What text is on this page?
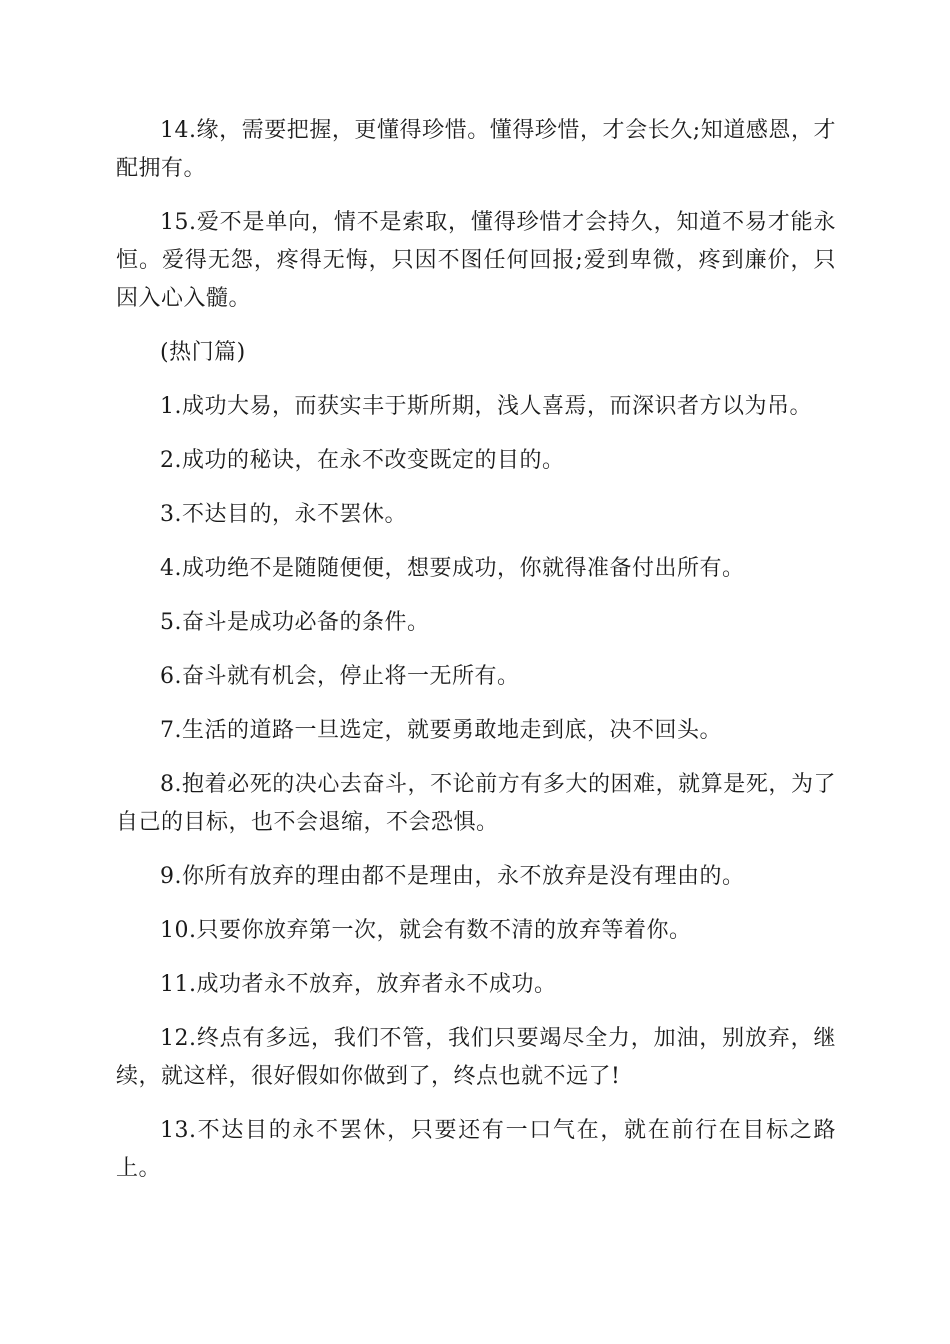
14.缘，需要把握，更懂得珍惜。懂得珍惜，才会长久;知道感恩，才配拥有。

15.爱不是单向，情不是索取，懂得珍惜才会持久，知道不易才能永恒。爱得无怨，疼得无悔，只因不图任何回报;爱到卑微，疼到廉价，只因入心入髓。

(热门篇)

1.成功大易，而获实丰于斯所期，浅人喜焉，而深识者方以为吊。

2.成功的秘诀，在永不改变既定的目的。

3.不达目的，永不罢休。

4.成功绝不是随随便便，想要成功，你就得准备付出所有。

5.奋斗是成功必备的条件。

6.奋斗就有机会，停止将一无所有。

7.生活的道路一旦选定，就要勇敢地走到底，决不回头。

8.抱着必死的决心去奋斗，不论前方有多大的困难，就算是死，为了自己的目标，也不会退缩，不会恐惧。

9.你所有放弃的理由都不是理由，永不放弃是没有理由的。

10.只要你放弃第一次，就会有数不清的放弃等着你。

11.成功者永不放弃，放弃者永不成功。

12.终点有多远，我们不管，我们只要竭尽全力，加油，别放弃，继续，就这样，很好假如你做到了，终点也就不远了!

13.不达目的永不罢休，只要还有一口气在，就在前行在目标之路上。
